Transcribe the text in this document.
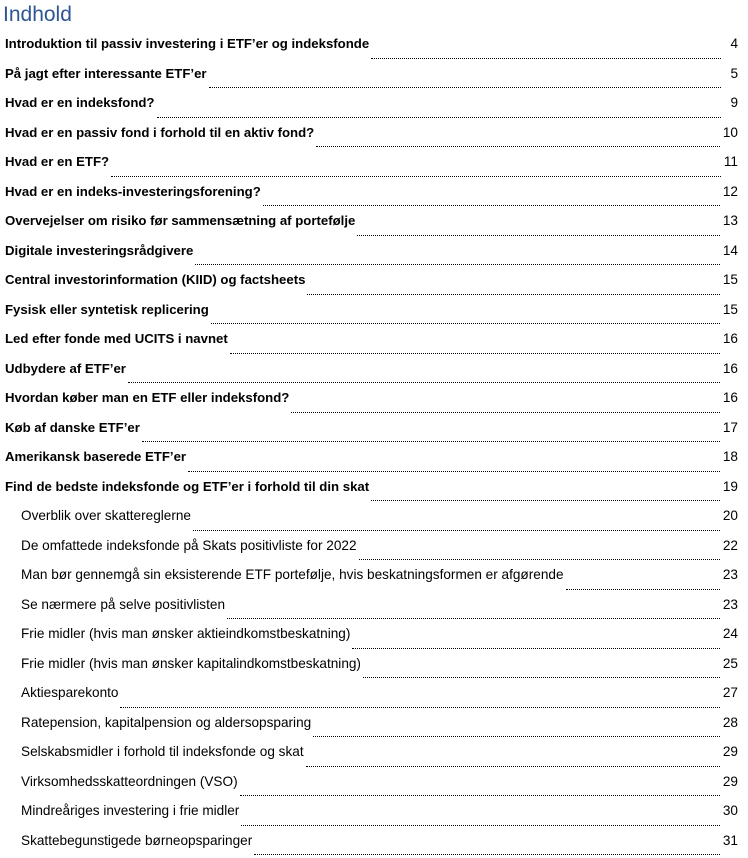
Indhold
Introduktion til passiv investering i ETF’er og indeksfonde	4
På jagt efter interessante ETF’er	5
Hvad er en indeksfond?	9
Hvad er en passiv fond i forhold til en aktiv fond?	10
Hvad er en ETF?	11
Hvad er en indeks-investeringsforening?	12
Overvejelser om risiko før sammensætning af portefølje	13
Digitale investeringsrådgivere	14
Central investorinformation (KIID) og factsheets	15
Fysisk eller syntetisk replicering	15
Led efter fonde med UCITS i navnet	16
Udbydere af ETF’er	16
Hvordan køber man en ETF eller indeksfond?	16
Køb af danske ETF’er	17
Amerikansk baserede ETF’er	18
Find de bedste indeksfonde og ETF’er i forhold til din skat	19
Overblik over skattereglerne	20
De omfattede indeksfonde på Skats positivliste for 2022	22
Man bør gennemgå sin eksisterende ETF portefølje, hvis beskatningsformen er afgørende	23
Se nærmere på selve positivlisten	23
Frie midler (hvis man ønsker aktieindkomstbeskatning)	24
Frie midler (hvis man ønsker kapitalindkomstbeskatning)	25
Aktiesparekonto	27
Ratepension, kapitalpension og aldersopsparing	28
Selskabsmidler i forhold til indeksfonde og skat	29
Virksomhedsskatteordningen (VSO)	29
Mindreåriges investering i frie midler	30
Skattebegunstigede børneopsparinger	31
